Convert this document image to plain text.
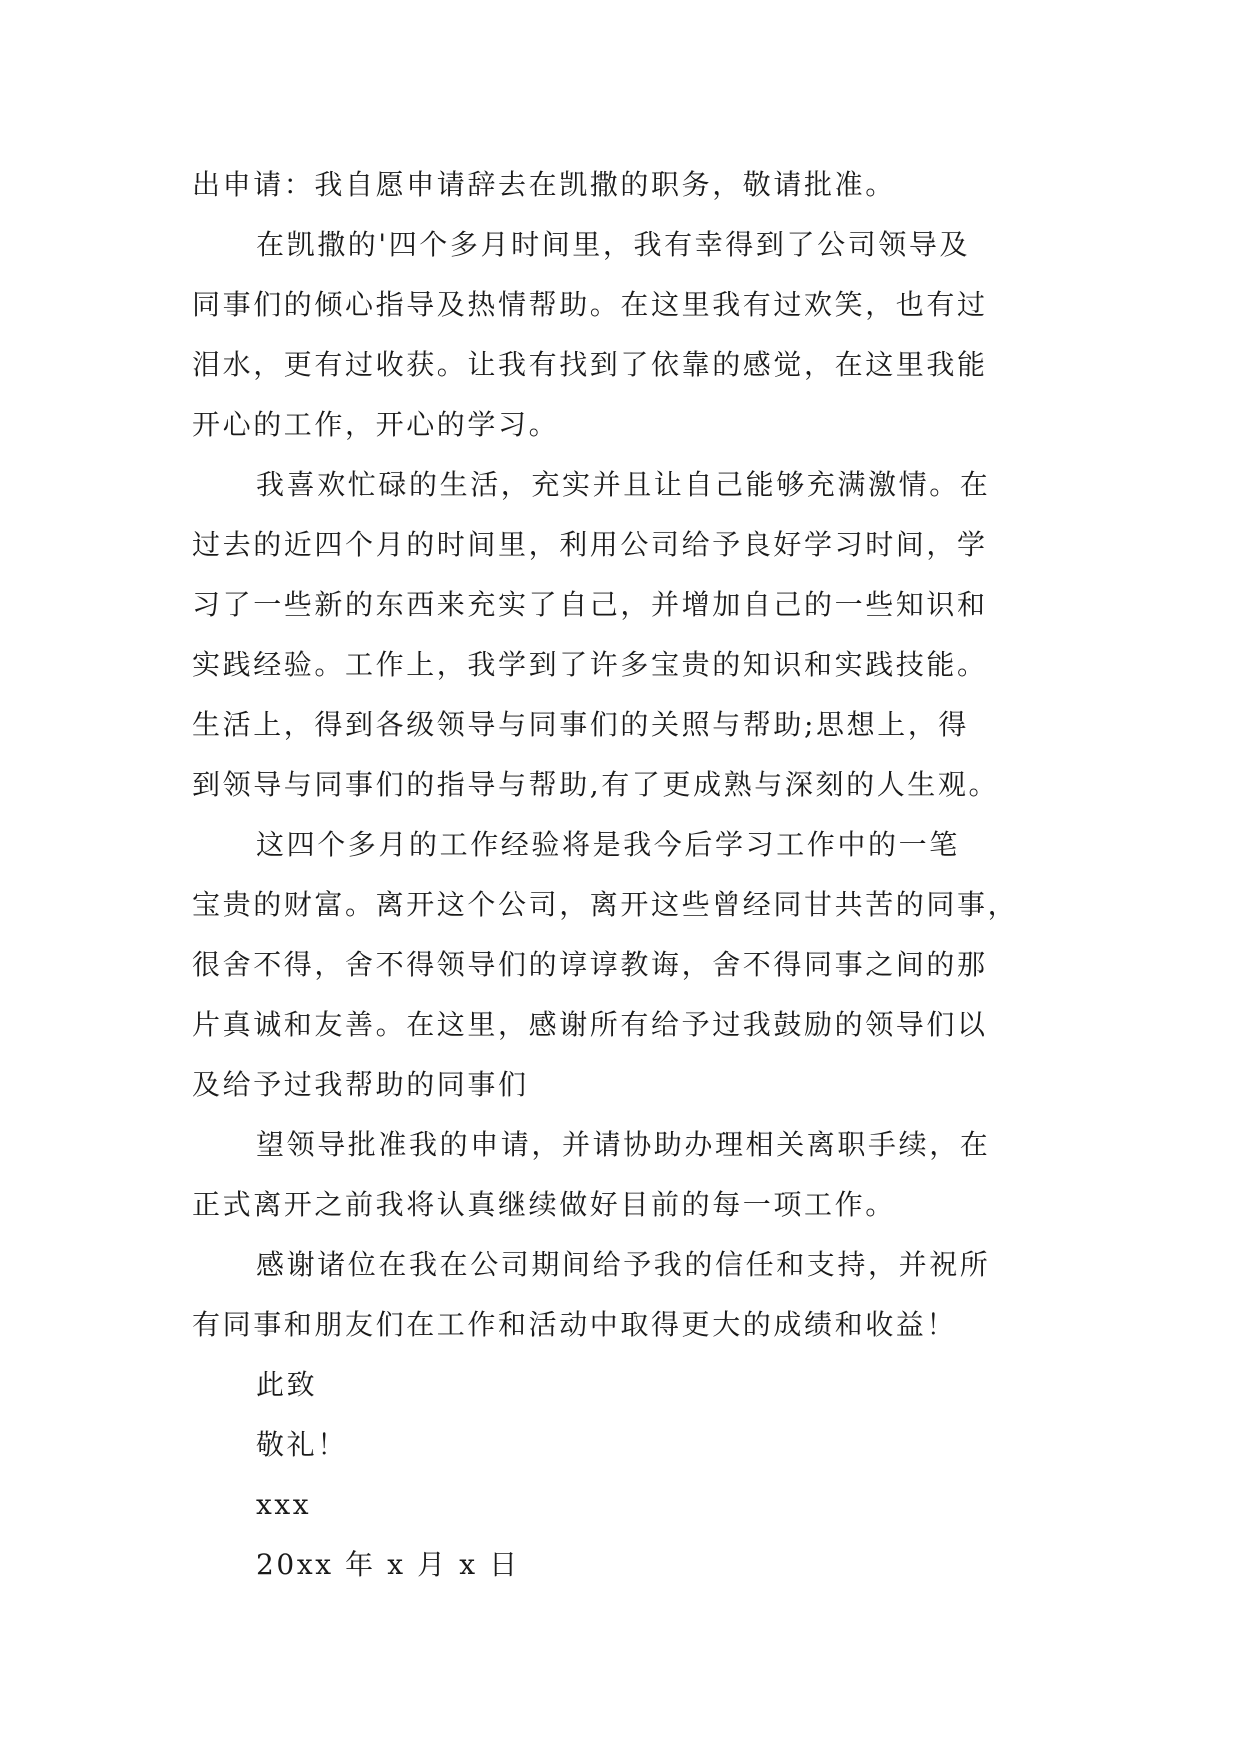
出申请：我自愿申请辞去在凯撒的职务，敬请批准。
在凯撒的'四个多月时间里，我有幸得到了公司领导及
同事们的倾心指导及热情帮助。在这里我有过欢笑，也有过
泪水，更有过收获。让我有找到了依靠的感觉，在这里我能
开心的工作，开心的学习。
我喜欢忙碌的生活，充实并且让自己能够充满激情。在
过去的近四个月的时间里，利用公司给予良好学习时间，学
习了一些新的东西来充实了自己，并增加自己的一些知识和
实践经验。工作上，我学到了许多宝贵的知识和实践技能。
生活上，得到各级领导与同事们的关照与帮助;思想上，得
到领导与同事们的指导与帮助,有了更成熟与深刻的人生观。
这四个多月的工作经验将是我今后学习工作中的一笔
宝贵的财富。离开这个公司，离开这些曾经同甘共苦的同事，
很舍不得，舍不得领导们的谆谆教诲，舍不得同事之间的那
片真诚和友善。在这里，感谢所有给予过我鼓励的领导们以
及给予过我帮助的同事们
望领导批准我的申请，并请协助办理相关离职手续，在
正式离开之前我将认真继续做好目前的每一项工作。
感谢诸位在我在公司期间给予我的信任和支持，并祝所
有同事和朋友们在工作和活动中取得更大的成绩和收益！
此致
敬礼！
xxx
20xx 年 x 月 x 日
